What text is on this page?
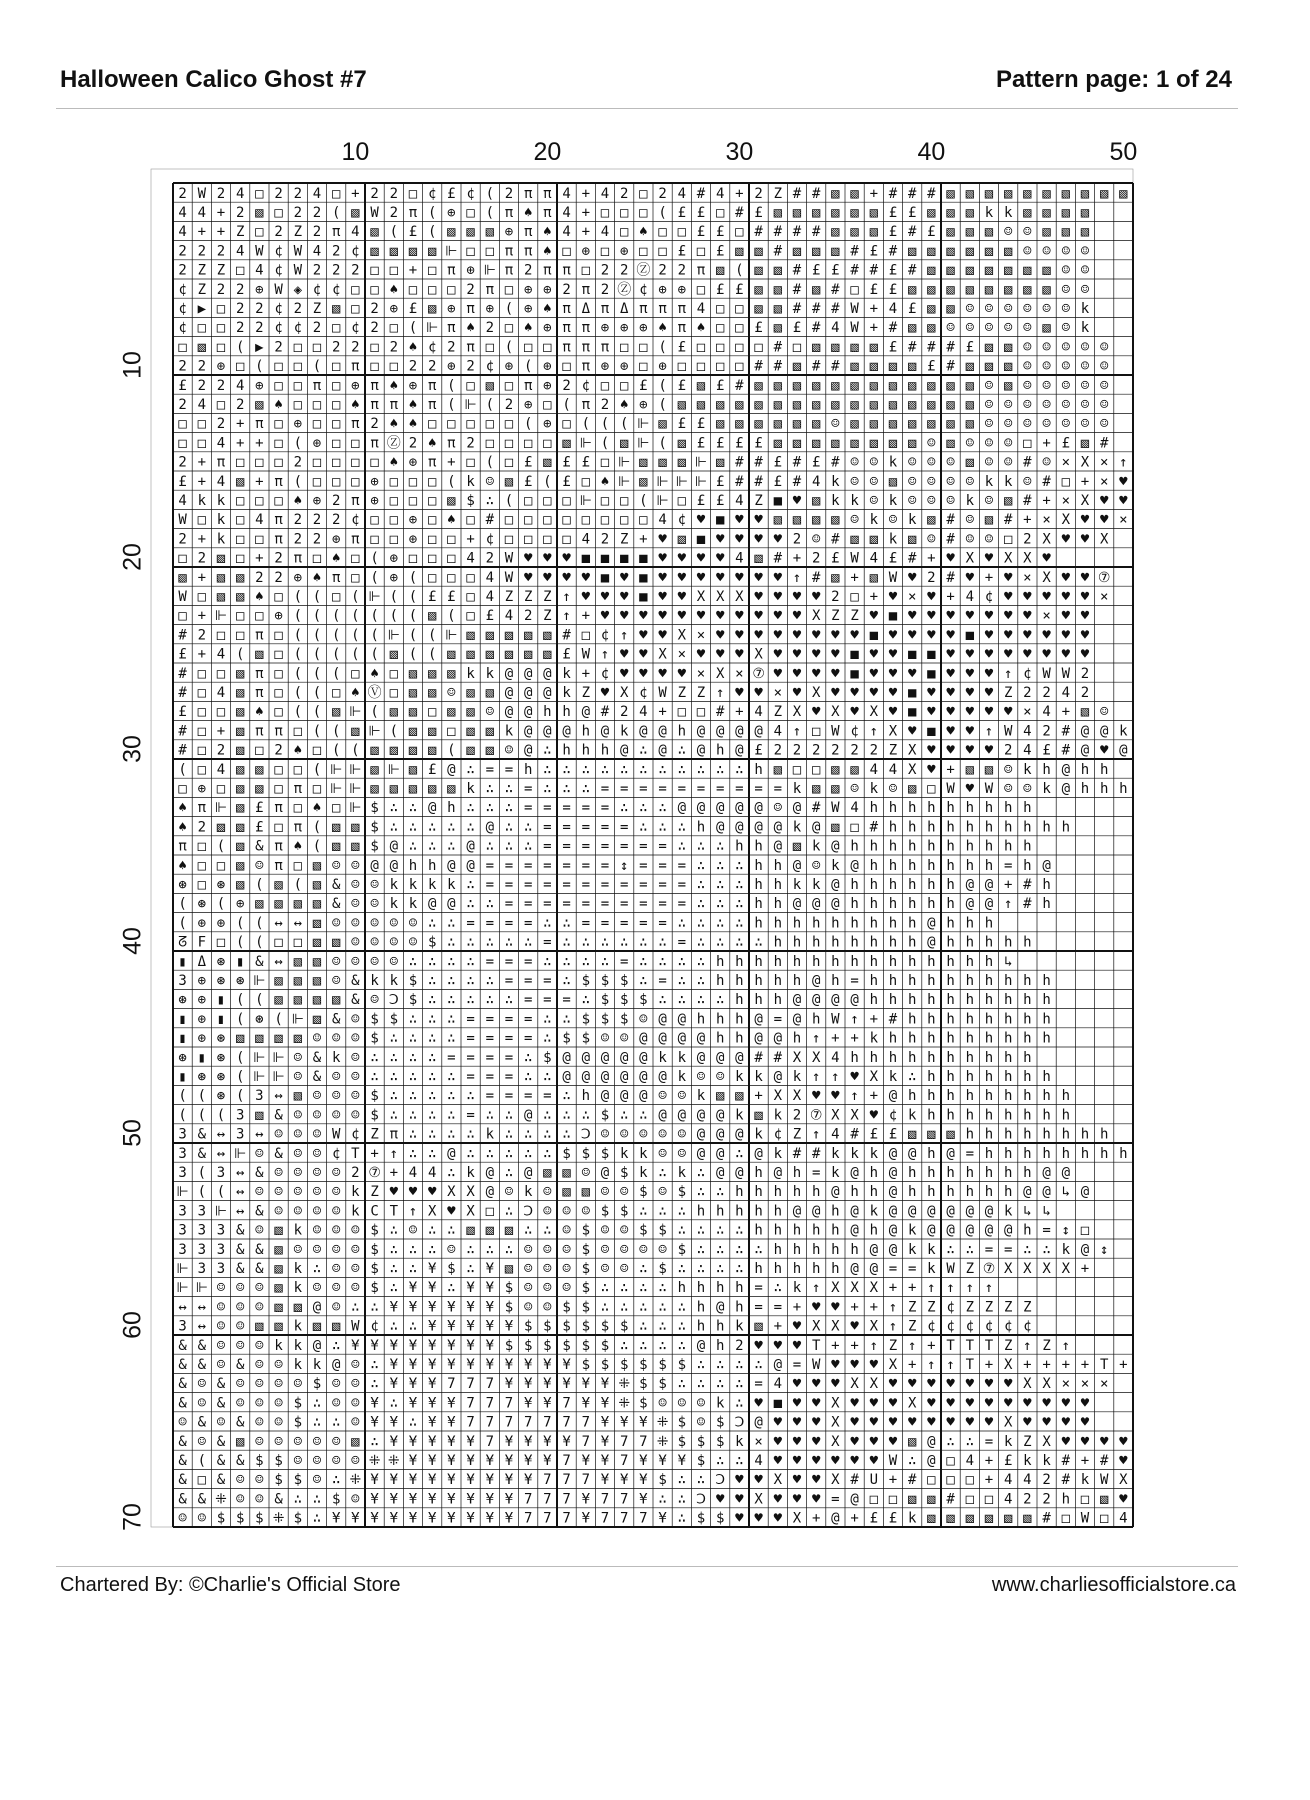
Halloween Calico Ghost #7	Pattern page: 1 of 24
10	20	30	40	50
10
20
30
40
50
60
70
2 W 2 4 □ 2 2 4 □ + 2 2 □ ¢ £ ¢ ( 2 π π 4 + 4 2 □ 2 4 # 4 + 2 Z # # ▧ ▧ + # # # ▧ ▧ ▧ ▧ ▧ ▧ ▧ ▧ ▧ ▧
4 4 + 2 ▧ □ 2 2 ( ▧ W 2 π ( ⊕ □ ( π ♠ π 4 + □ □ □ ( £ £ □ # £ ▧ ▧ ▧ ▧ ▧ ▧ £ £ ▧ ▧ ▧ k k ▧ ▧ ▧ ▧
4 + + Z □ 2 Z 2 π 4 ▧ ( £ ( ▧ ▧ ▧ ⊕ π ♠ 4 + 4 □ ♠ □ □ £ £ □ # # # # ▧ ▧ ▧ £ # £ ▧ ▧ ▧ ☺ ☺ ▧ ▧ ▧
2 2 2 4 W ¢ W 4 2 ¢ ▧ ▧ ▧ ▧ ⊩ □ □ π π ♠ □ ⊕ □ ⊕ □ □ £ □ £ ▧ ▧ # ▧ ▧ ▧ # £ # ▧ ▧ ▧ ▧ ▧ ▧ ☺ ☺ ☺ ☺
2 Z Z □ 4 ¢ W 2 2 2 □ □ + □ π ⊕ ⊩ π 2 π π □ 2 2 Ⓩ 2 2 π ▧ ( ▧ ▧ # £ £ # # £ # ▧ ▧ ▧ ▧ ▧ ▧ ▧ ☺ ☺
¢ Z 2 2 ⊕ W ◈ ¢ ¢ □ □ ♠ □ □ □ 2 π □ ⊕ ⊕ 2 π 2 Ⓩ ¢ ⊕ ⊕ □ £ £ ▧ ▧ # ▧ # □ £ £ ▧ ▧ ▧ ▧ ▧ ▧ ▧ ▧ ☺ ☺
¢ ▶ □ 2 2 ¢ 2 Z ▧ □ 2 ⊕ £ ▧ ⊕ π ⊕ ( ⊕ ♠ π Δ π Δ π π π 4 □ □ ▧ ▧ # # # W + 4 £ ▧ ▧ ☺ ☺ ☺ ☺ ☺ ☺ k
¢ □ □ 2 2 ¢ ¢ 2 □ ¢ 2 □ ( ⊩ π ♠ 2 □ ♠ ⊕ π π ⊕ ⊕ ⊕ ♠ π ♠ □ □ £ ▧ £ # 4 W + # ▧ ▧ ☺ ☺ ☺ ☺ ☺ ▧ ☺ k
□ ▧ □ ( ▶ 2 □ □ 2 2 □ 2 ♠ ¢ 2 π □ ( □ □ π π π □ □ ( £ □ □ □ □ # □ ▧ ▧ ▧ ▧ £ # # # £ ▧ ▧ ☺ ☺ ☺ ☺ ☺
2 2 ⊕ □ ( □ □ ( □ π □ □ 2 2 ⊕ 2 ¢ ⊕ ( ⊕ □ π ⊕ ⊕ □ ⊕ □ □ □ □ # # ▧ # # ▧ ▧ ▧ ▧ £ # ▧ ▧ ▧ ☺ ☺ ☺ ☺ ☺
£ 2 2 4 ⊕ □ □ π □ ⊕ π ♠ ⊕ π ( □ ▧ □ π ⊕ 2 ¢ □ □ £ ( £ ▧ £ # ▧ ▧ ▧ ▧ ▧ ▧ ▧ ▧ ▧ ▧ ▧ ▧ ☺ ▧ ☺ ☺ ☺ ☺ ☺
2 4 □ 2 ▧ ♠ □ □ □ ♠ π π ♠ π ( ⊩ ( 2 ⊕ □ ( π 2 ♠ ⊕ ( ▧ ▧ ▧ ▧ ▧ ▧ ▧ ▧ ▧ ▧ ▧ ▧ ▧ ▧ ▧ ▧ ☺ ☺ ☺ ☺ ☺ ☺ ☺
□ □ 2 + π □ ⊕ □ □ π 2 ♠ ♠ □ □ □ □ □ ( ⊕ □ ( ( ( ⊩ ▧ £ £ ▧ ▧ ▧ ▧ ▧ ▧ ☺ ▧ ▧ ▧ ▧ ▧ ▧ ▧ ☺ ☺ ☺ ☺ ☺ ☺ ☺
□ □ 4 + + □ ( ⊕ □ □ π Ⓩ 2 ♠ π 2 □ □ □ □ ▧ ⊩ ( ▧ ⊩ ( ▧ £ £ £ £ ▧ ▧ ▧ ▧ ▧ ▧ ▧ ▧ ☺ ▧ ☺ ☺ ☺ □ + £ ▧ #
2 + π □ □ □ 2 □ □ □ □ ♠ ⊕ π + □ ( □ £ ▧ £ £ □ ⊩ ▧ ▧ ▧ ⊩ ▧ # # £ # £ # ☺ ☺ k ☺ ☺ ☺ ▧ ☺ ☺ # ☺ × X × ↑
£ + 4 ▧ + π ( □ □ □ ⊕ □ □ □ ( k ☺ ▧ £ ( £ □ ♠ ⊩ ▧ ⊩ ⊩ ⊩ £ # # £ # 4 k ☺ ☺ ▧ ☺ ☺ ☺ ☺ k k ☺ # □ + × ♥
4 k k □ □ □ ♠ ⊕ 2 π ⊕ □ □ □ ▧ $ ∴ ( □ □ □ ⊩ □ □ ( ⊩ □ £ £ 4 Z ■ ♥ ▧ k k ☺ k ☺ ☺ ☺ k ☺ ▧ # + × X ♥ ♥
W □ k □ 4 π 2 2 2 ¢ □ □ ⊕ □ ♠ □ # □ □ □ □ □ □ □ □ 4 ¢ ♥ ■ ♥ ♥ ▧ ▧ ▧ ▧ ☺ k ☺ k ▧ # ☺ ▧ # + × X ♥ ♥ ×
2 + k □ □ π 2 2 ⊕ π □ □ ⊕ □ □ + ¢ □ □ □ □ 4 2 Z + ♥ ▧ ■ ♥ ♥ ♥ ♥ 2 ☺ # ▧ ▧ k ▧ ☺ # ☺ ☺ □ 2 X ♥ ♥ X
□ 2 ▧ □ + 2 π □ ♠ □ ( ⊕ □ □ □ 4 2 W ♥ ♥ ♥ ■ ■ ■ ■ ♥ ♥ ♥ ♥ 4 ▧ # + 2 £ W 4 £ # + ♥ X ♥ X X ♥
▧ + ▧ ▧ 2 2 ⊕ ♠ π □ ( ⊕ ( □ □ □ 4 W ♥ ♥ ♥ ♥ ■ ♥ ■ ♥ ♥ ♥ ♥ ♥ ♥ ♥ ↑ # ▧ + ▧ W ♥ 2 # ♥ + ♥ × X ♥ ♥ ⑦
W □ ▧ ▧ ♠ □ ( ( □ ( ⊩ ( ( £ £ □ 4 Z Z Z ↑ ♥ ♥ ♥ ■ ♥ ♥ X X X ♥ ♥ ♥ ♥ 2 □ + ♥ × ♥ + 4 ¢ ♥ ♥ ♥ ♥ ♥ ×
□ + ⊩ □ □ ⊕ ( ( ( ( ( ( ( ▧ ( □ £ 4 2 Z ↑ + ♥ ♥ ♥ ♥ ♥ ♥ ♥ ♥ ♥ ♥ ♥ X Z Z ♥ ■ ♥ ♥ ♥ ♥ ♥ ♥ ♥ × ♥ ♥
# 2 □ □ π □ ( ( ( ( ( ⊩ ( ( ⊩ ▧ ▧ ▧ ▧ ▧ # □ ¢ ↑ ♥ ♥ X × ♥ ♥ ♥ ♥ ♥ ♥ ♥ ♥ ■ ♥ ♥ ♥ ♥ ■ ♥ ♥ ♥ ♥ ♥ ♥
£ + 4 ( ▧ □ ( ( ( ( ( ▧ ( ( ▧ ▧ ▧ ▧ ▧ ▧ £ W ↑ ♥ ♥ X × ♥ ♥ ♥ X ♥ ♥ ♥ ♥ ■ ♥ ♥ ■ ■ ♥ ♥ ♥ ♥ ♥ ♥ ♥ ♥
# □ □ ▧ π □ ( ( ( □ ♠ □ ▧ ▧ ▧ k k @ @ @ k + ¢ ♥ ♥ ♥ ♥ × X × ⑦ ♥ ♥ ♥ ♥ ■ ♥ ♥ ♥ ■ ♥ ♥ ♥ ↑ ¢ W W 2
# □ 4 ▧ π □ ( ( □ ♠ Ⓥ □ ▧ ▧ ☺ ▧ ▧ @ @ @ k Z ♥ X ¢ W Z Z ↑ ♥ ♥ × ♥ X ♥ ♥ ♥ ♥ ■ ♥ ♥ ♥ ♥ Z 2 2 4 2
£ □ □ ▧ ♠ □ ( ( ▧ ⊩ ( ▧ ▧ □ ▧ ▧ ☺ @ @ h h @ # 2 4 + □ □ # + 4 Z X ♥ X ♥ X ♥ ■ ♥ ♥ ♥ ♥ ♥ × 4 + ▧ ☺
# □ + ▧ π π □ ( ( ▧ ⊩ ( ▧ ▧ □ ▧ ▧ k @ @ @ h @ k @ @ h @ @ @ @ 4 ↑ □ W ¢ ↑ X ♥ ■ ♥ ♥ ↑ W 4 2 # @ @ k
# □ 2 ▧ □ 2 ♠ □ ( ( ▧ ▧ ▧ ▧ ( ▧ ▧ ☺ @ ∴ h h h @ ∴ @ ∴ @ h @ £ 2 2 2 2 2 2 Z X ♥ ♥ ♥ ♥ 2 4 £ # @ ♥ @
( □ 4 ▧ ▧ □ □ ( ⊩ ⊩ ▧ ⊩ ▧ £ @ ∴ = = h ∴ ∴ ∴ ∴ ∴ ∴ ∴ ∴ ∴ ∴ ∴ h ▧ □ □ ▧ ▧ 4 4 X ♥ + ▧ ▧ ☺ k h @ h h
□ ⊕ □ ▧ ▧ □ π □ ⊩ ⊩ ▧ ▧ ▧ ▧ ▧ k ∴ ∴ = ∴ ∴ ∴ = = = = = = = = = = k ▧ ▧ ☺ k ☺ ▧ □ W ♥ W ☺ ☺ k @ h h h
♠ π ⊩ ▧ £ π □ ♠ □ ⊩ $ ∴ ∴ @ h ∴ ∴ ∴ = = = = = ∴ ∴ ∴ @ @ @ @ @ ☺ @ # W 4 h h h h h h h h h
♠ 2 ▧ ▧ £ □ π ( ▧ ▧ $ ∴ ∴ ∴ ∴ ∴ @ ∴ ∴ = = = = = ∴ ∴ ∴ h @ @ @ @ k @ ▧ □ # h h h h h h h h h h
π □ ( ▧ & π ♠ ( ▧ ▧ $ @ ∴ ∴ ∴ @ ∴ ∴ ∴ = = = = = = = ∴ ∴ ∴ h h @ ▧ k @ h h h h h h h h h h
♠ □ □ ▧ ☺ π □ ▧ ☺ ☺ @ @ h h @ @ = = = = = = = ↕ = = = ∴ ∴ ∴ h h @ ☺ k @ h h h h h h h = h @
⊛ □ ⊛ ▧ ( ▧ ( ▧ & ☺ ☺ k k k k ∴ = = = = = = = = = = = ∴ ∴ ∴ h h k k @ h h h h h h @ @ + # h
( ⊛ ( ⊕ ▧ ▧ ▧ ▧ & ☺ ☺ k k @ @ ∴ ∴ = = = = = = = = = = ∴ ∴ ∴ h h @ @ @ h h h h h h @ @ ↑ # h
( ⊕ ⊕ ( ( ↔ ↔ ▧ ☺ ☺ ☺ ☺ ☺ ∴ ∴ = = = = ∴ ∴ = = = = = ∴ ∴ ∴ ∴ h h h h h h h h h @ h h h
ᘔ F □ ( ( □ □ ▧ ▧ ☺ ☺ ☺ ☺ $ ∴ ∴ ∴ ∴ ∴ = ∴ ∴ ∴ ∴ ∴ ∴ = ∴ ∴ ∴ ∴ h h h h h h h h @ h h h h h
▮ Δ ⊛ ▮ & ↔ ▧ ▧ ☺ ☺ ☺ ☺ ∴ ∴ ∴ ∴ = = = ∴ ∴ ∴ ∴ = ∴ ∴ ∴ ∴ h h h h h h h h h h h h h h h ↳
3 ⊕ ⊛ ⊛ ⊩ ▧ ▧ ▧ ☺ & k k $ ∴ ∴ ∴ ∴ = = = ∴ $ $ $ ∴ = ∴ ∴ h h h h h @ h = h h h h h h h h h h
⊛ ⊕ ▮ ( ( ▧ ▧ ▧ ▧ & ☺ Ↄ $ ∴ ∴ ∴ ∴ ∴ = = = ∴ $ $ $ ∴ ∴ ∴ ∴ h h h @ @ @ @ h h h h h h h h h h
▮ ⊕ ▮ ( ⊛ ( ⊩ ▧ & ☺ $ $ ∴ ∴ ∴ = = = = ∴ ∴ $ $ $ ☺ @ @ h h h @ = @ h W ↑ + # h h h h h h h h
▮ ⊕ ⊛ ▧ ▧ ▧ ▧ ☺ ☺ ☺ $ ∴ ∴ ∴ ∴ = = = = ∴ $ $ ☺ ☺ @ @ @ @ h h @ @ h ↑ + + k h h h h h h h h h
⊛ ▮ ⊛ ( ⊩ ⊩ ☺ & k ☺ ∴ ∴ ∴ ∴ = = = = ∴ $ @ @ @ @ @ k k @ @ @ # # X X 4 h h h h h h h h h h
▮ ⊛ ⊛ ( ⊩ ⊩ ☺ & ☺ ☺ ∴ ∴ ∴ ∴ ∴ = = = ∴ ∴ @ @ @ @ @ @ k ☺ ☺ k k @ k ↑ ↑ ♥ X k ∴ h h h h h h h
( ( ⊛ ( 3 ↔ ▧ ☺ ☺ ☺ $ ∴ ∴ ∴ ∴ ∴ = = = = ∴ h @ @ @ ☺ ☺ k ▧ ▧ + X X ♥ ♥ ↑ + @ h h h h h h h h h
( ( ( 3 ▧ & ☺ ☺ ☺ ☺ $ ∴ ∴ ∴ ∴ = ∴ ∴ @ ∴ ∴ ∴ $ ∴ ∴ @ @ @ @ k ▧ k 2 ⑦ X X ♥ ¢ k h h h h h h h h
3 & ↔ 3 ↔ ☺ ☺ ☺ W ¢ Z π ∴ ∴ ∴ ∴ k ∴ ∴ ∴ ∴ Ↄ ☺ ☺ ☺ ☺ ☺ @ @ @ k ¢ Z ↑ 4 # £ £ ▧ ▧ ▧ h h h h h h h h
3 & ↔ ⊩ ☺ & ☺ ☺ ¢ T + ↑ ∴ ∴ @ ∴ ∴ ∴ ∴ ∴ $ $ $ k k ☺ ☺ @ @ ∴ @ k # # k k k @ @ h @ = h h h h h h h h
3 ( 3 ↔ & ☺ ☺ ☺ ☺ 2 ⑦ + 4 4 ∴ k @ ∴ @ ▧ ▧ ☺ @ $ k ∴ k ∴ @ @ h @ h = k @ h @ h h h h h h h @ @
⊩ ( ( ↔ ☺ ☺ ☺ ☺ ☺ k Z ♥ ♥ ♥ X X @ ☺ k ☺ ▧ ▧ ☺ ☺ $ ☺ $ ∴ ∴ h h h h h @ h h @ h h h h h h @ @ ↳ @
3 3 ⊩ ↔ & ☺ ☺ ☺ ☺ k C T ↑ X ♥ X □ ∴ Ↄ ☺ ☺ ☺ $ $ ∴ ∴ ∴ h h h h h @ @ h @ k @ @ @ @ @ @ k ↳ ↳
3 3 3 & ☺ ▧ k ☺ ☺ ☺ $ ∴ ☺ ∴ ∴ ▧ ▧ ▧ ∴ ∴ ☺ $ ☺ ☺ $ $ ∴ ∴ ∴ ∴ h h h h h @ h @ k @ @ @ @ @ h = ↕ □
3 3 3 & & ▧ ☺ ☺ ☺ ☺ $ ∴ ∴ ∴ ☺ ∴ ∴ ∴ ☺ ☺ ☺ $ ☺ ☺ ☺ ☺ $ ∴ ∴ ∴ ∴ h h h h h @ @ k k ∴ ∴ = = ∴ ∴ k @ ↕
⊩ 3 3 & & ▧ k ∴ ☺ ☺ $ ∴ ∴ ¥ $ ∴ ¥ ▧ ☺ ☺ ☺ $ ☺ ☺ ∴ $ ∴ ∴ ∴ ∴ h h h h h @ @ = = k W Z ⑦ X X X X +
⊩ ⊩ ☺ ☺ ☺ ▧ k ☺ ☺ ☺ $ ∴ ¥ ¥ ∴ ¥ ¥ $ ☺ ☺ ☺ $ ∴ ∴ ∴ ∴ h h h h = ∴ k ↑ X X X + + ↑ ↑ ↑ ↑
↔ ↔ ☺ ☺ ☺ ▧ ▧ @ ☺ ∴ ∴ ¥ ¥ ¥ ¥ ¥ ¥ $ ☺ ☺ $ $ ∴ ∴ ∴ ∴ ∴ h @ h = = + ♥ ♥ + + ↑ Z Z ¢ Z Z Z Z
3 ↔ ☺ ☺ ▧ ▧ k ▧ ▧ W ¢ ∴ ∴ ¥ ¥ ¥ ¥ ¥ $ $ $ $ $ $ ∴ ∴ ∴ h h k ▧ + ♥ X X ♥ X ↑ Z ¢ ¢ ¢ ¢ ¢ ¢
& & ☺ ☺ ☺ k k @ ∴ ¥ ¥ ¥ ¥ ¥ ¥ ¥ ¥ $ $ $ $ $ $ ∴ ∴ ∴ ∴ @ h 2 ♥ ♥ ♥ T + + ↑ Z ↑ + T T T Z ↑ Z ↑
& & ☺ & ☺ ☺ k k @ ☺ ∴ ¥ ¥ ¥ ¥ ¥ ¥ ¥ ¥ ¥ ¥ $ $ $ $ $ $ ∴ ∴ ∴ ∴ @ = W ♥ ♥ ♥ X + ↑ ↑ T + X + + + + T +
& ☺ & ☺ ☺ ☺ ☺ $ ☺ ☺ ∴ ¥ ¥ ¥ 7 7 7 ¥ ¥ ¥ ¥ ¥ ¥ ⁜ $ $ ∴ ∴ ∴ ∴ = 4 ♥ ♥ ♥ X X ♥ ♥ ♥ ♥ ♥ ♥ ♥ X X × × ×
& ☺ & ☺ ☺ ☺ $ ∴ ☺ ☺ ¥ ∴ ¥ ¥ ¥ 7 7 7 ¥ ¥ 7 ¥ ¥ ⁜ $ ☺ ☺ ☺ k ∴ ♥ ■ ♥ ♥ X ♥ ♥ ♥ X ♥ ♥ ♥ ♥ ♥ ♥ ♥ ♥ ♥
☺ & ☺ & ☺ ☺ $ ∴ ∴ ☺ ¥ ¥ ∴ ¥ ¥ 7 7 7 7 7 7 7 ¥ ¥ ¥ ⁜ $ ☺ $ Ↄ @ ♥ ♥ ♥ X ♥ ♥ ♥ ♥ ♥ ♥ ♥ ♥ X ♥ ♥ ♥ ♥
& ☺ & ▧ ☺ ☺ ☺ ☺ ☺ ▧ ∴ ¥ ¥ ¥ ¥ ¥ 7 ¥ ¥ ¥ ¥ 7 ¥ 7 7 ⁜ $ $ $ k × ♥ ♥ ♥ X ♥ ♥ ♥ ▧ @ ∴ ∴ = k Z X ♥ ♥ ♥ ♥
& ( & & $ $ ☺ ☺ ☺ ☺ ⁜ ⁜ ¥ ¥ ¥ ¥ ¥ ¥ ¥ ¥ 7 ¥ ¥ 7 ¥ ¥ ¥ $ ∴ ∴ 4 ♥ ♥ ♥ ♥ ♥ ♥ W ∴ @ □ 4 + £ k k # + # ♥
& □ & ☺ ☺ $ $ ☺ ∴ ⁜ ¥ ¥ ¥ ¥ ¥ ¥ ¥ ¥ ¥ 7 7 7 ¥ ¥ ¥ $ ∴ ∴ Ↄ ♥ ♥ X ♥ ♥ X # U + # □ □ □ + 4 4 2 # k W X
& & ⁜ ☺ ☺ & ∴ ∴ $ ☺ ¥ ¥ ¥ ¥ ¥ ¥ ¥ ¥ 7 7 7 ¥ 7 7 ¥ ∴ ∴ Ↄ ♥ ♥ X ♥ ♥ ♥ = @ □ □ ▧ ▧ # □ □ 4 2 2 h □ ▧ ♥
☺ ☺ $ $ $ ⁜ $ ∴ ¥ ¥ ¥ ¥ ¥ ¥ ¥ ¥ ¥ ¥ 7 7 7 ¥ 7 7 7 ¥ ∴ $ $ ♥ ♥ ♥ X + @ + £ £ k ▧ ▧ ▧ ▧ ▧ ▧ # □ W □ 4
Chartered By: ©Charlie's Official Store	www.charliesofficialstore.ca
